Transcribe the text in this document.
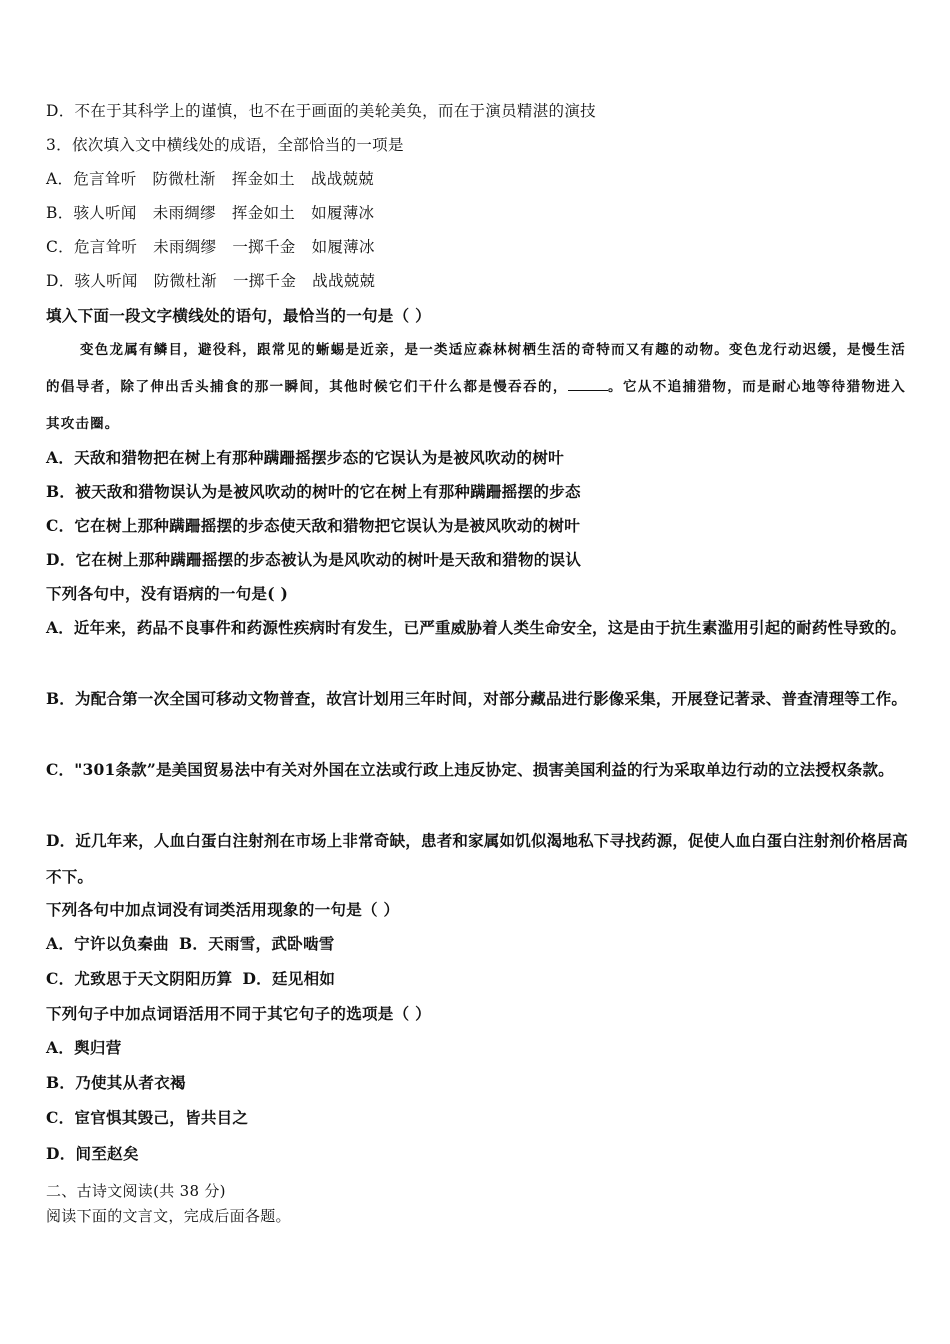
D．不在于其科学上的谨慎，也不在于画面的美轮美奂，而在于演员精湛的演技
3．依次填入文中横线处的成语，全部恰当的一项是
A．危言耸听 防微杜渐 挥金如土 战战兢兢
B．骇人听闻 未雨绸缪 挥金如土 如履薄冰
C．危言耸听 未雨绸缪 一掷千金 如履薄冰
D．骇人听闻 防微杜渐 一掷千金 战战兢兢
填入下面一段文字横线处的语句，最恰当的一句是（ ）
变色龙属有鳞目，避役科，跟常见的蜥蜴是近亲，是一类适应森林树栖生活的奇特而又有趣的动物。变色龙行动迟缓，是慢生活的倡导者，除了伸出舌头捕食的那一瞬间，其他时候它们干什么都是慢吞吞的，	。它从不追捕猎物，而是耐心地等待猎物进入其攻击圈。
A．天敌和猎物把在树上有那种蹒跚摇摆步态的它误认为是被风吹动的树叶
B．被天敌和猎物误认为是被风吹动的树叶的它在树上有那种蹒跚摇摆的步态
C．它在树上那种蹒跚摇摆的步态使天敌和猎物把它误认为是被风吹动的树叶
D．它在树上那种蹒跚摇摆的步态被认为是风吹动的树叶是天敌和猎物的误认
下列各句中，没有语病的一句是( )
A．近年来，药品不良事件和药源性疾病时有发生，已严重威胁着人类生命安全，这是由于抗生素滥用引起的耐药性导致的。
B．为配合第一次全国可移动文物普查，故宫计划用三年时间，对部分藏品进行影像采集，开展登记著录、普查清理等工作。
C．"301条款”是美国贸易法中有关对外国在立法或行政上违反协定、损害美国利益的行为采取单边行动的立法授权条款。
D．近几年来，人血白蛋白注射剂在市场上非常奇缺，患者和家属如饥似渴地私下寻找药源，促使人血白蛋白注射剂价格居高不下。
下列各句中加点词没有词类活用现象的一句是（ ）
A．宁许以负秦曲 B．天雨雪，武卧啮雪
C．尤致思于天文阴阳历算 D．廷见相如
下列句子中加点词语活用不同于其它句子的选项是（ ）
A．舆归营
B．乃使其从者衣褐
C．宦官惧其毁己，皆共目之
D．间至赵矣
二、古诗文阅读(共 38 分)
阅读下面的文言文，完成后面各题。
